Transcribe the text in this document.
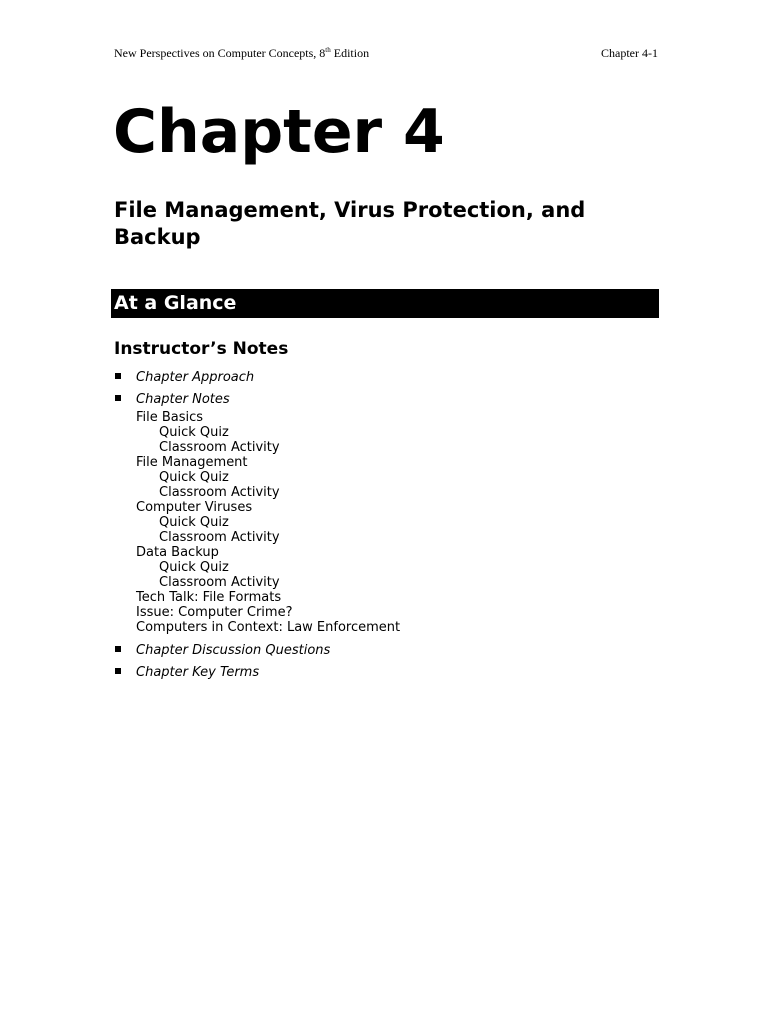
New Perspectives on Computer Concepts, 8th Edition	Chapter 4-1
Chapter 4
File Management, Virus Protection, and Backup
At a Glance
Instructor’s Notes
Chapter Approach
Chapter Notes
File Basics
Quick Quiz
Classroom Activity
File Management
Quick Quiz
Classroom Activity
Computer Viruses
Quick Quiz
Classroom Activity
Data Backup
Quick Quiz
Classroom Activity
Tech Talk: File Formats
Issue: Computer Crime?
Computers in Context: Law Enforcement
Chapter Discussion Questions
Chapter Key Terms
